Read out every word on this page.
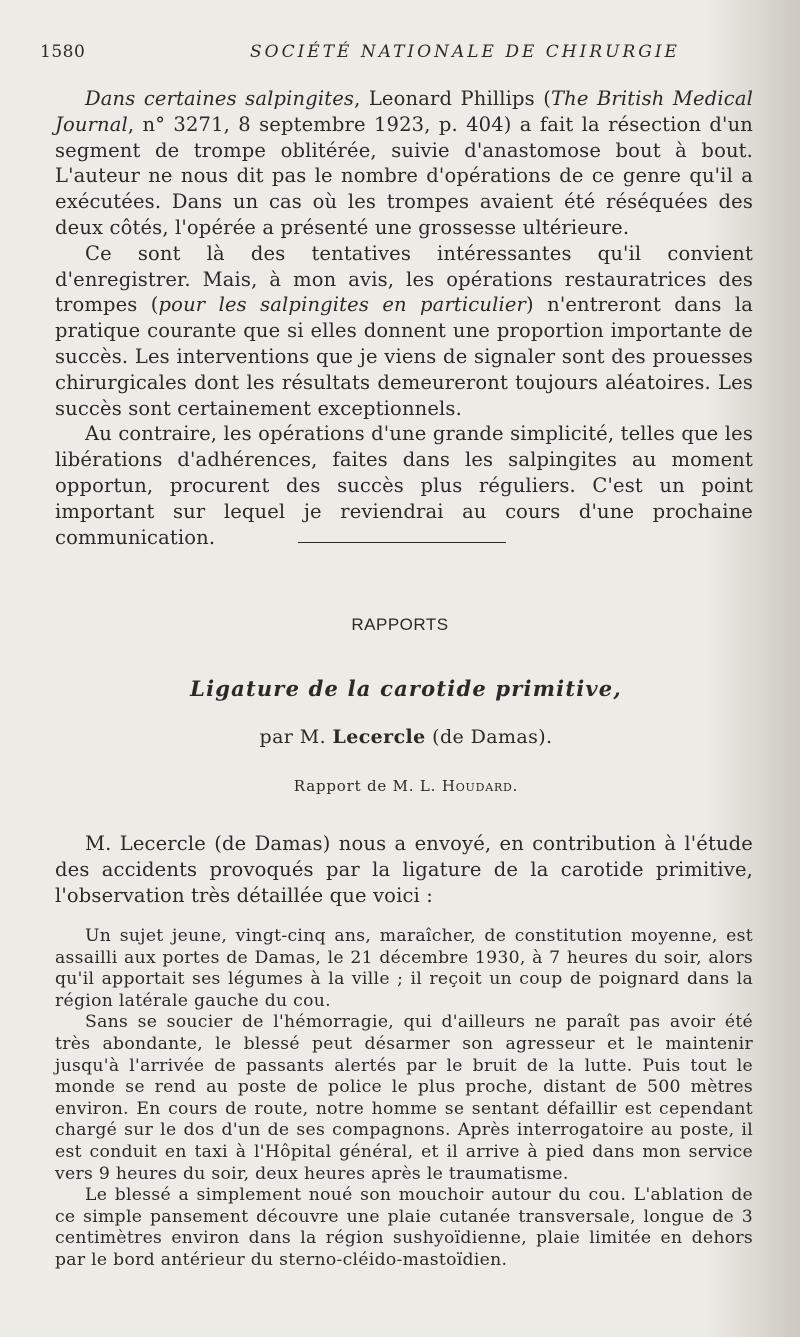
1580	SOCIÉTÉ NATIONALE DE CHIRURGIE

Dans certaines salpingites, Leonard Phillips (The British Medical Journal, n° 3271, 8 septembre 1923, p. 404) a fait la résection d'un segment de trompe oblitérée, suivie d'anastomose bout à bout. L'auteur ne nous dit pas le nombre d'opérations de ce genre qu'il a exécutées. Dans un cas où les trompes avaient été réséquées des deux côtés, l'opérée a présenté une grossesse ultérieure.

Ce sont là des tentatives intéressantes qu'il convient d'enregistrer. Mais, à mon avis, les opérations restauratrices des trompes (pour les salpingites en particulier) n'entreront dans la pratique courante que si elles donnent une proportion importante de succès. Les interventions que je viens de signaler sont des prouesses chirurgicales dont les résultats demeureront toujours aléatoires. Les succès sont certainement exceptionnels.

Au contraire, les opérations d'une grande simplicité, telles que les libérations d'adhérences, faites dans les salpingites au moment opportun, procurent des succès plus réguliers. C'est un point important sur lequel je reviendrai au cours d'une prochaine communication.

RAPPORTS
Ligature de la carotide primitive,
par M. Lecercle (de Damas).
Rapport de M. L. Houdard.

M. Lecercle (de Damas) nous a envoyé, en contribution à l'étude des accidents provoqués par la ligature de la carotide primitive, l'observation très détaillée que voici :

Un sujet jeune, vingt-cinq ans, maraîcher, de constitution moyenne, est assailli aux portes de Damas, le 21 décembre 1930, à 7 heures du soir, alors qu'il apportait ses légumes à la ville ; il reçoit un coup de poignard dans la région latérale gauche du cou.

Sans se soucier de l'hémorragie, qui d'ailleurs ne paraît pas avoir été très abondante, le blessé peut désarmer son agresseur et le maintenir jusqu'à l'arrivée de passants alertés par le bruit de la lutte. Puis tout le monde se rend au poste de police le plus proche, distant de 500 mètres environ. En cours de route, notre homme se sentant défaillir est cependant chargé sur le dos d'un de ses compagnons. Après interrogatoire au poste, il est conduit en taxi à l'Hôpital général, et il arrive à pied dans mon service vers 9 heures du soir, deux heures après le traumatisme.

Le blessé a simplement noué son mouchoir autour du cou. L'ablation de ce simple pansement découvre une plaie cutanée transversale, longue de 3 centimètres environ dans la région sushyoïdienne, plaie limitée en dehors par le bord antérieur du sterno-cléido-mastoïdien.
